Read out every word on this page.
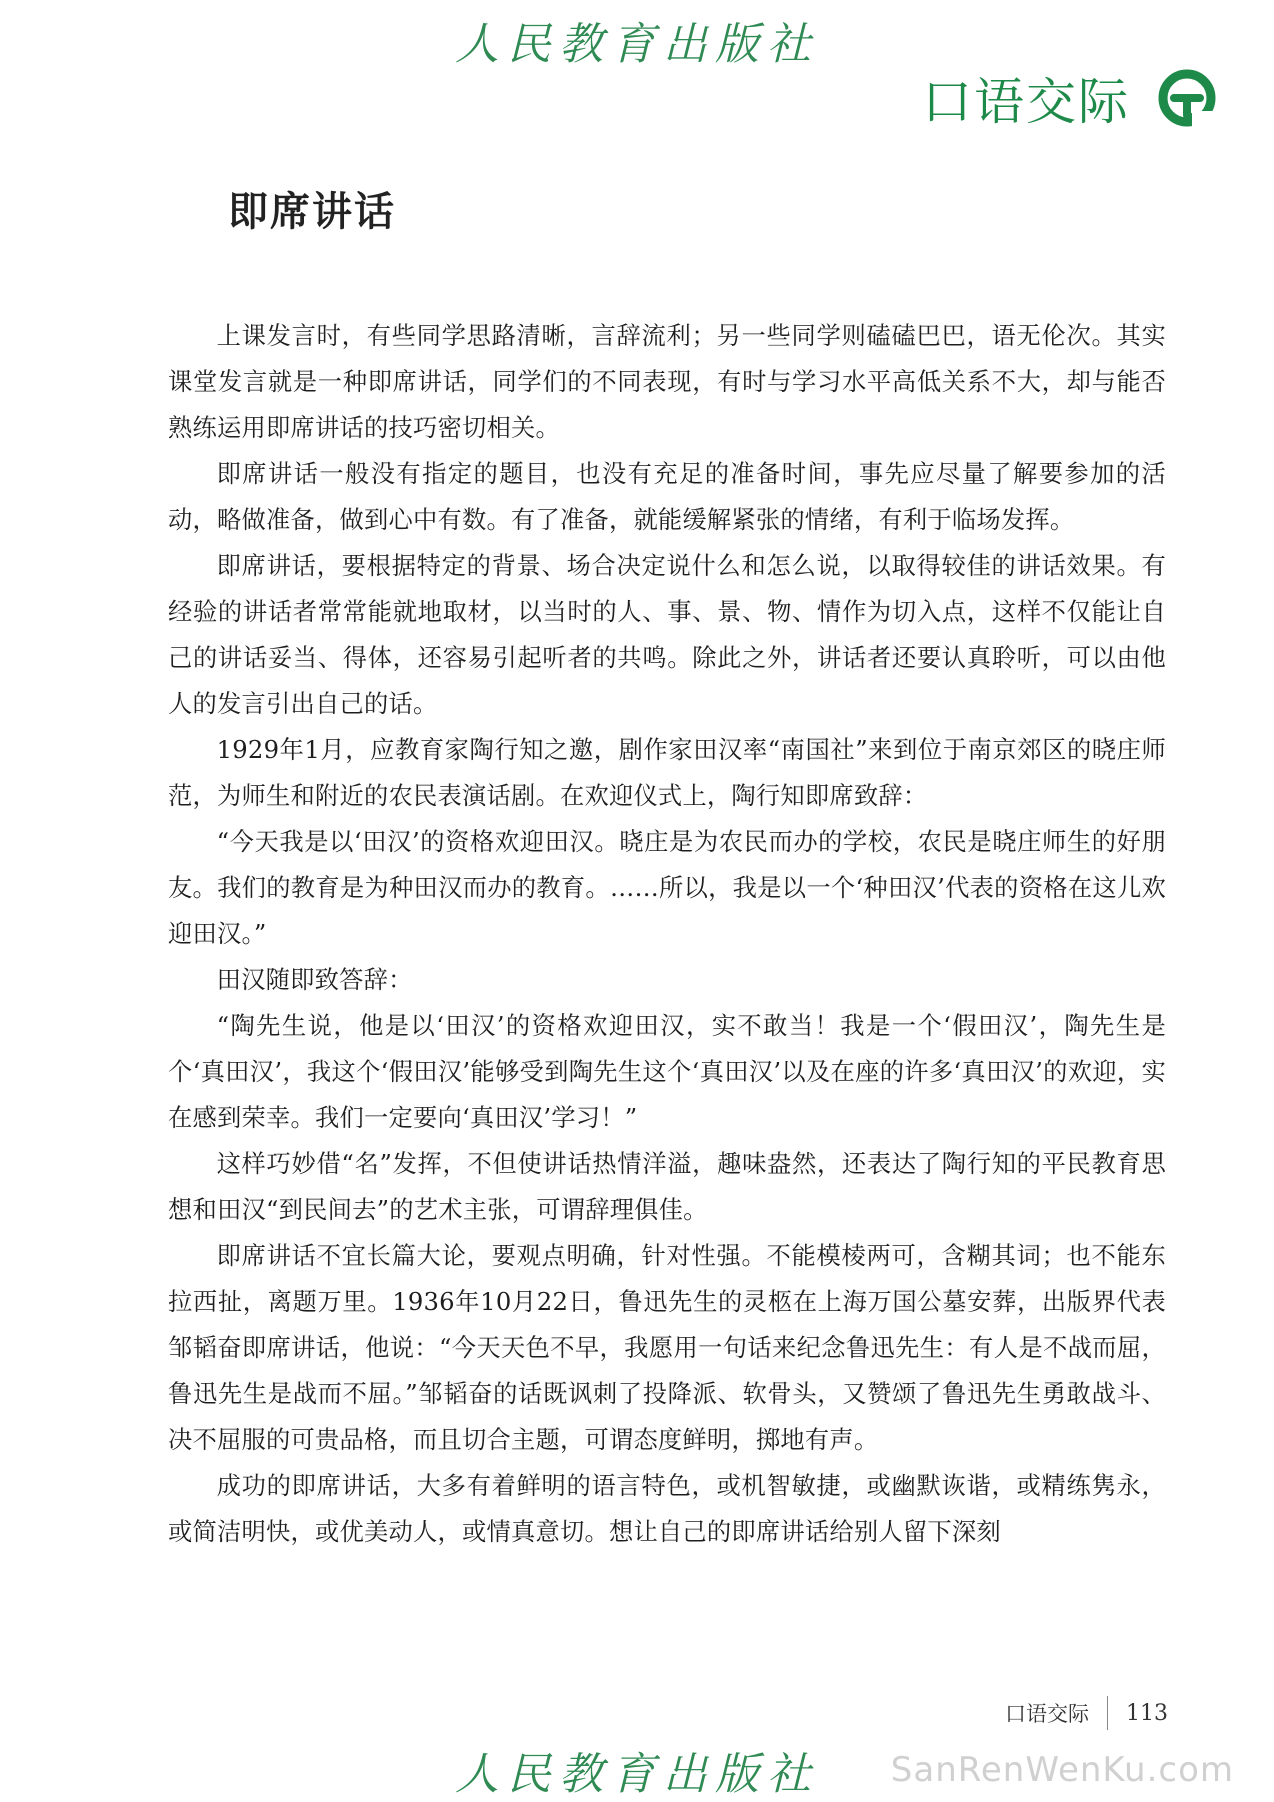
人民教育出版社
口语交际
即席讲话

上课发言时，有些同学思路清晰，言辞流利；另一些同学则磕磕巴巴，语无伦次。其实课堂发言就是一种即席讲话，同学们的不同表现，有时与学习水平高低关系不大，却与能否熟练运用即席讲话的技巧密切相关。

即席讲话一般没有指定的题目，也没有充足的准备时间，事先应尽量了解要参加的活动，略做准备，做到心中有数。有了准备，就能缓解紧张的情绪，有利于临场发挥。

即席讲话，要根据特定的背景、场合决定说什么和怎么说，以取得较佳的讲话效果。有经验的讲话者常常能就地取材，以当时的人、事、景、物、情作为切入点，这样不仅能让自己的讲话妥当、得体，还容易引起听者的共鸣。除此之外，讲话者还要认真聆听，可以由他人的发言引出自己的话。

1929年1月，应教育家陶行知之邀，剧作家田汉率“南国社”来到位于南京郊区的晓庄师范，为师生和附近的农民表演话剧。在欢迎仪式上，陶行知即席致辞：

“今天我是以‘田汉’的资格欢迎田汉。晓庄是为农民而办的学校，农民是晓庄师生的好朋友。我们的教育是为种田汉而办的教育。……所以，我是以一个‘种田汉’代表的资格在这儿欢迎田汉。”

田汉随即致答辞：

“陶先生说，他是以‘田汉’的资格欢迎田汉，实不敢当！我是一个‘假田汉’，陶先生是个‘真田汉’，我这个‘假田汉’能够受到陶先生这个‘真田汉’以及在座的许多‘真田汉’的欢迎，实在感到荣幸。我们一定要向‘真田汉’学习！”

这样巧妙借“名”发挥，不但使讲话热情洋溢，趣味盎然，还表达了陶行知的平民教育思想和田汉“到民间去”的艺术主张，可谓辞理俱佳。

即席讲话不宜长篇大论，要观点明确，针对性强。不能模棱两可，含糊其词；也不能东拉西扯，离题万里。1936年10月22日，鲁迅先生的灵柩在上海万国公墓安葬，出版界代表邹韬奋即席讲话，他说：“今天天色不早，我愿用一句话来纪念鲁迅先生：有人是不战而屈，鲁迅先生是战而不屈。”邹韬奋的话既讽刺了投降派、软骨头，又赞颂了鲁迅先生勇敢战斗、决不屈服的可贵品格，而且切合主题，可谓态度鲜明，掷地有声。

成功的即席讲话，大多有着鲜明的语言特色，或机智敏捷，或幽默诙谐，或精练隽永，或简洁明快，或优美动人，或情真意切。想让自己的即席讲话给别人留下深刻

口语交际 113
人民教育出版社	SanRenWenKu.com
